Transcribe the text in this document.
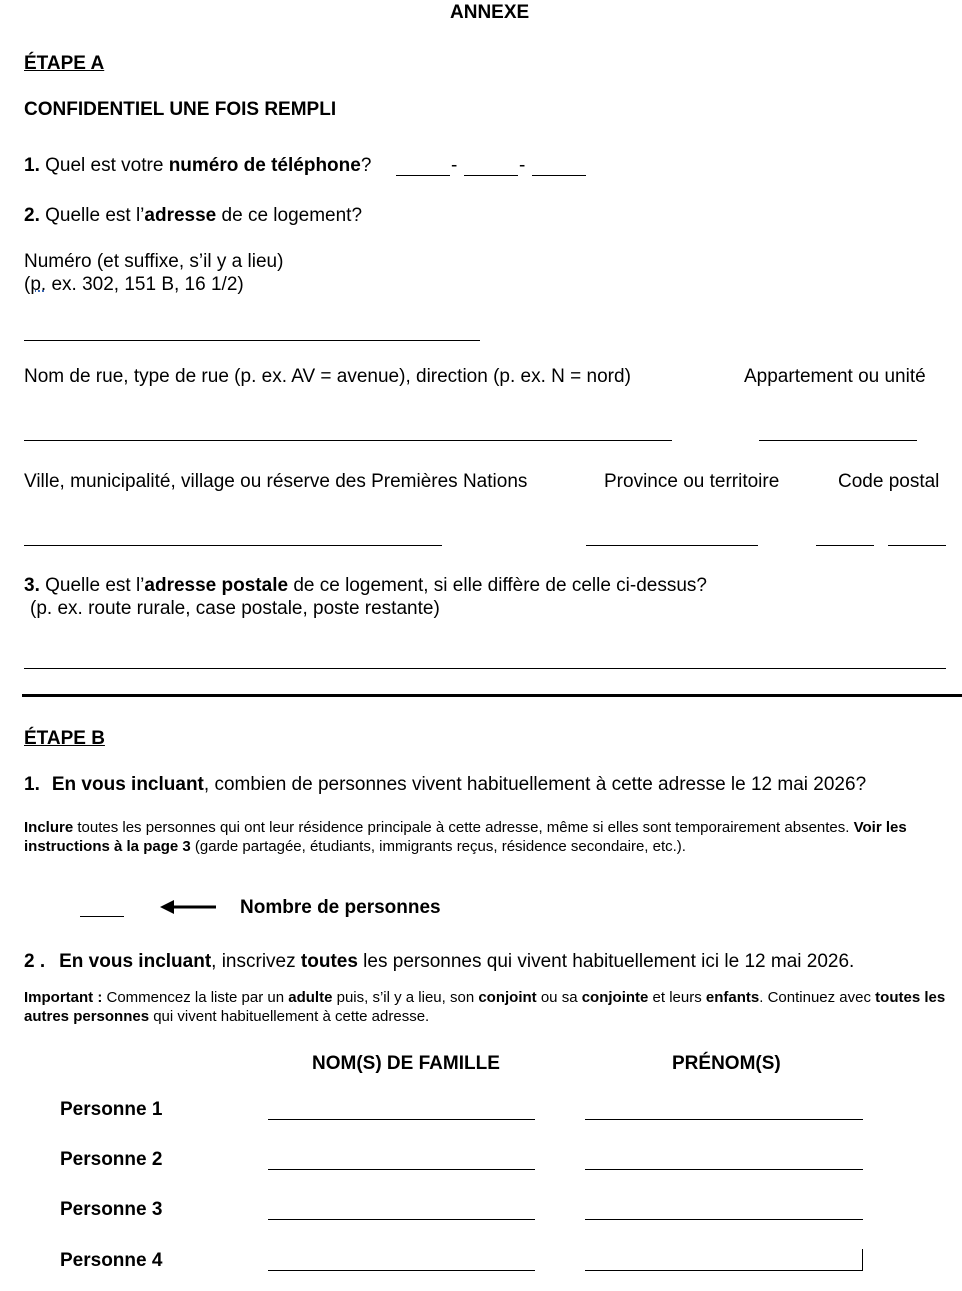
ANNEXE
ÉTAPE A
CONFIDENTIEL UNE FOIS REMPLI
1. Quel est votre numéro de téléphone?	-	-
2. Quelle est l’adresse de ce logement?
Numéro (et suffixe, s’il y a lieu)
(p. ex. 302, 151 B, 16 1/2)
Nom de rue, type de rue (p. ex. AV = avenue), direction (p. ex. N = nord)	Appartement ou unité
Ville, municipalité, village ou réserve des Premières Nations	Province ou territoire	Code postal
3. Quelle est l’adresse postale de ce logement, si elle diffère de celle ci-dessus?
(p. ex. route rurale, case postale, poste restante)
ÉTAPE B
1. En vous incluant, combien de personnes vivent habituellement à cette adresse le 12 mai 2026?
Inclure toutes les personnes qui ont leur résidence principale à cette adresse, même si elles sont temporairement absentes. Voir les instructions à la page 3 (garde partagée, étudiants, immigrants reçus, résidence secondaire, etc.).
Nombre de personnes
2 . En vous incluant, inscrivez toutes les personnes qui vivent habituellement ici le 12 mai 2026.
Important : Commencez la liste par un adulte puis, s’il y a lieu, son conjoint ou sa conjointe et leurs enfants. Continuez avec toutes les autres personnes qui vivent habituellement à cette adresse.
NOM(S) DE FAMILLE	PRÉNOM(S)
Personne 1
Personne 2
Personne 3
Personne 4
